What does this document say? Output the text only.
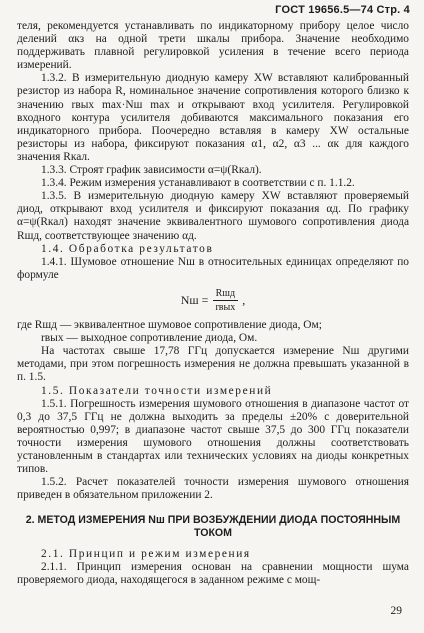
ГОСТ 19656.5—74 Стр. 4

теля, рекомендуется устанавливать по индикаторному прибору целое число делений αкз на одной трети шкалы прибора. Значение необходимо поддерживать плавной регулировкой усиления в течение всего периода измерений.

1.3.2. В измерительную диодную камеру XW вставляют калиброванный резистор из набора R, номинальное значение сопротивления которого близко к значению rвых max·Nш max и открывают вход усилителя. Регулировкой входного контура усилителя добиваются максимального показания его индикаторного прибора. Поочередно вставляя в камеру XW остальные резисторы из набора, фиксируют показания α1, α2, α3 ... αк для каждого значения Rкал.

1.3.3. Строят график зависимости α=ψ(Rкал).

1.3.4. Режим измерения устанавливают в соответствии с п. 1.1.2.

1.3.5. В измерительную диодную камеру XW вставляют проверяемый диод, открывают вход усилителя и фиксируют показания αд. По графику α=ψ(Rкал) находят значение эквивалентного шумового сопротивления диода Rшд, соответствующее значению αд.

1.4. Обработка результатов

1.4.1. Шумовое отношение Nш в относительных единицах определяют по формуле

Nш = $\frac{\text{Rшд}}{\text{rвых}}$ ,

где Rшд — эквивалентное шумовое сопротивление диода, Ом;

rвых — выходное сопротивление диода, Ом.

На частотах свыше 17,78 ГГц допускается измерение Nш другими методами, при этом погрешность измерения не должна превышать указанной в п. 1.5.

1.5. Показатели точности измерений

1.5.1. Погрешность измерения шумового отношения в диапазоне частот от 0,3 до 37,5 ГГц не должна выходить за пределы ±20% с доверительной вероятностью 0,997; в диапазоне частот свыше 37,5 до 300 ГГц показатели точности измерения шумового отношения должны соответствовать установленным в стандартах или технических условиях на диоды конкретных типов.

1.5.2. Расчет показателей точности измерения шумового отношения приведен в обязательном приложении 2.

2. МЕТОД ИЗМЕРЕНИЯ Nш ПРИ ВОЗБУЖДЕНИИ ДИОДА ПОСТОЯННЫМ ТОКОМ

2.1. Принцип и режим измерения

2.1.1. Принцип измерения основан на сравнении мощности шума проверяемого диода, находящегося в заданном режиме с мощ-

29
